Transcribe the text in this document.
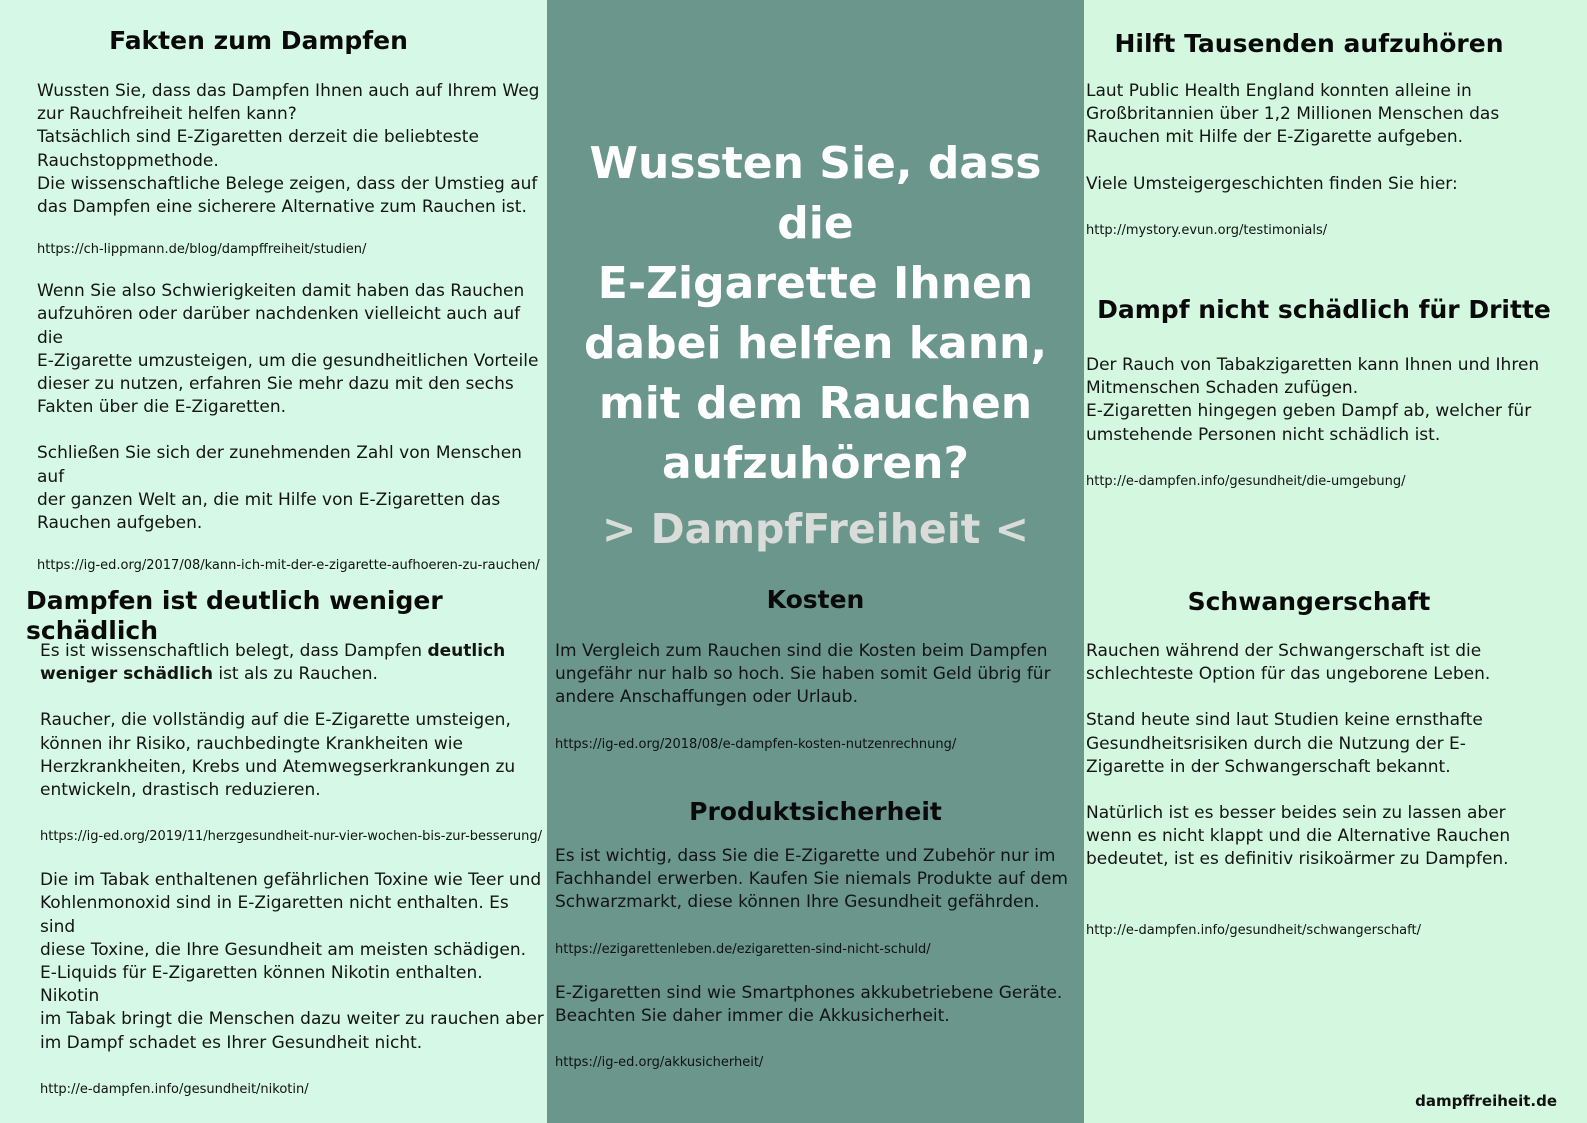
Fakten zum Dampfen

Wussten Sie, dass das Dampfen Ihnen auch auf Ihrem Weg
zur Rauchfreiheit helfen kann?
Tatsächlich sind E-Zigaretten derzeit die beliebteste
Rauchstoppmethode.
Die wissenschaftliche Belege zeigen, dass der Umstieg auf
das Dampfen eine sicherere Alternative zum Rauchen ist.

https://ch-lippmann.de/blog/dampffreiheit/studien/

Wenn Sie also Schwierigkeiten damit haben das Rauchen
aufzuhören oder darüber nachdenken vielleicht auch auf die
E-Zigarette umzusteigen, um die gesundheitlichen Vorteile
dieser zu nutzen, erfahren Sie mehr dazu mit den sechs
Fakten über die E-Zigaretten.

Schließen Sie sich der zunehmenden Zahl von Menschen auf
der ganzen Welt an, die mit Hilfe von E-Zigaretten das
Rauchen aufgeben.

https://ig-ed.org/2017/08/kann-ich-mit-der-e-zigarette-aufhoeren-zu-rauchen/

Dampfen ist deutlich weniger schädlich

Es ist wissenschaftlich belegt, dass Dampfen deutlich
weniger schädlich ist als zu Rauchen.

Raucher, die vollständig auf die E-Zigarette umsteigen,
können ihr Risiko, rauchbedingte Krankheiten wie
Herzkrankheiten, Krebs und Atemwegserkrankungen zu
entwickeln, drastisch reduzieren.

https://ig-ed.org/2019/11/herzgesundheit-nur-vier-wochen-bis-zur-besserung/

Die im Tabak enthaltenen gefährlichen Toxine wie Teer und
Kohlenmonoxid sind in E-Zigaretten nicht enthalten. Es sind
diese Toxine, die Ihre Gesundheit am meisten schädigen.
E-Liquids für E-Zigaretten können Nikotin enthalten. Nikotin
im Tabak bringt die Menschen dazu weiter zu rauchen aber
im Dampf schadet es Ihrer Gesundheit nicht.

http://e-dampfen.info/gesundheit/nikotin/

Wussten Sie, dass die
E-Zigarette Ihnen
dabei helfen kann,
mit dem Rauchen
aufzuhören?
> DampfFreiheit <
Kosten

Im Vergleich zum Rauchen sind die Kosten beim Dampfen
ungefähr nur halb so hoch. Sie haben somit Geld übrig für
andere Anschaffungen oder Urlaub.

https://ig-ed.org/2018/08/e-dampfen-kosten-nutzenrechnung/

Produktsicherheit

Es ist wichtig, dass Sie die E-Zigarette und Zubehör nur im
Fachhandel erwerben. Kaufen Sie niemals Produkte auf dem
Schwarzmarkt, diese können Ihre Gesundheit gefährden.

https://ezigarettenleben.de/ezigaretten-sind-nicht-schuld/

E-Zigaretten sind wie Smartphones akkubetriebene Geräte.
Beachten Sie daher immer die Akkusicherheit.

https://ig-ed.org/akkusicherheit/

Hilft Tausenden aufzuhören

Laut Public Health England konnten alleine in
Großbritannien über 1,2 Millionen Menschen das
Rauchen mit Hilfe der E-Zigarette aufgeben.

Viele Umsteigergeschichten finden Sie hier:

http://mystory.evun.org/testimonials/

Dampf nicht schädlich für Dritte

Der Rauch von Tabakzigaretten kann Ihnen und Ihren
Mitmenschen Schaden zufügen.
E-Zigaretten hingegen geben Dampf ab, welcher für
umstehende Personen nicht schädlich ist.

http://e-dampfen.info/gesundheit/die-umgebung/

Schwangerschaft

Rauchen während der Schwangerschaft ist die
schlechteste Option für das ungeborene Leben.

Stand heute sind laut Studien keine ernsthafte
Gesundheitsrisiken durch die Nutzung der E-
Zigarette in der Schwangerschaft bekannt.

Natürlich ist es besser beides sein zu lassen aber
wenn es nicht klappt und die Alternative Rauchen
bedeutet, ist es definitiv risikoärmer zu Dampfen.

http://e-dampfen.info/gesundheit/schwangerschaft/

dampffreiheit.de
